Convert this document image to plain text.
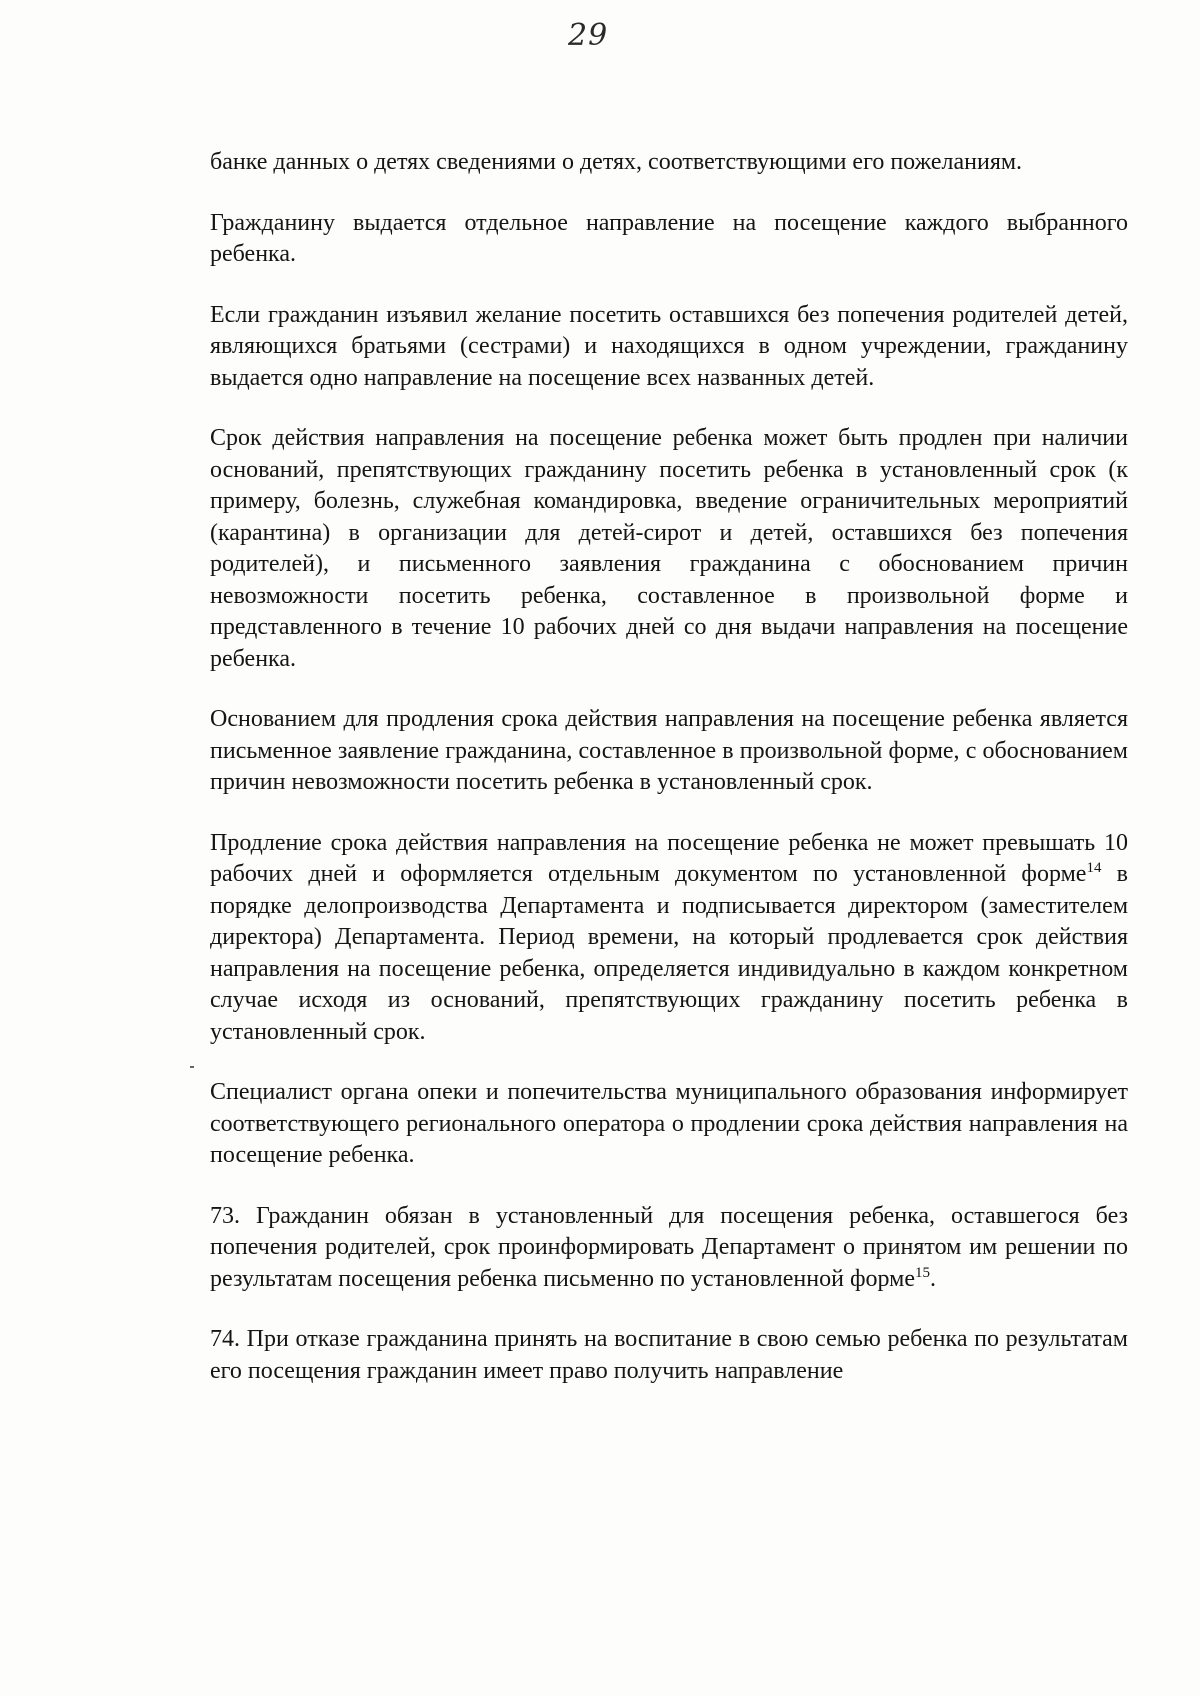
29

банке данных о детях сведениями о детях, соответствующими его пожеланиям.

Гражданину выдается отдельное направление на посещение каждого выбранного ребенка.

Если гражданин изъявил желание посетить оставшихся без попечения родителей детей, являющихся братьями (сестрами) и находящихся в одном учреждении, гражданину выдается одно направление на посещение всех названных детей.

Срок действия направления на посещение ребенка может быть продлен при наличии оснований, препятствующих гражданину посетить ребенка в установленный срок (к примеру, болезнь, служебная командировка, введение ограничительных мероприятий (карантина) в организации для детей-сирот и детей, оставшихся без попечения родителей), и письменного заявления гражданина с обоснованием причин невозможности посетить ребенка, составленное в произвольной форме и представленного в течение 10 рабочих дней со дня выдачи направления на посещение ребенка.

Основанием для продления срока действия направления на посещение ребенка является письменное заявление гражданина, составленное в произвольной форме, с обоснованием причин невозможности посетить ребенка в установленный срок.

Продление срока действия направления на посещение ребенка не может превышать 10 рабочих дней и оформляется отдельным документом по установленной форме$^{14}$ в порядке делопроизводства Департамента и подписывается директором (заместителем директора) Департамента. Период времени, на который продлевается срок действия направления на посещение ребенка, определяется индивидуально в каждом конкретном случае исходя из оснований, препятствующих гражданину посетить ребенка в установленный срок.

Специалист органа опеки и попечительства муниципального образования информирует соответствующего регионального оператора о продлении срока действия направления на посещение ребенка.

73. Гражданин обязан в установленный для посещения ребенка, оставшегося без попечения родителей, срок проинформировать Департамент о принятом им решении по результатам посещения ребенка письменно по установленной форме$^{15}$.

74. При отказе гражданина принять на воспитание в свою семью ребенка по результатам его посещения гражданин имеет право получить направление
